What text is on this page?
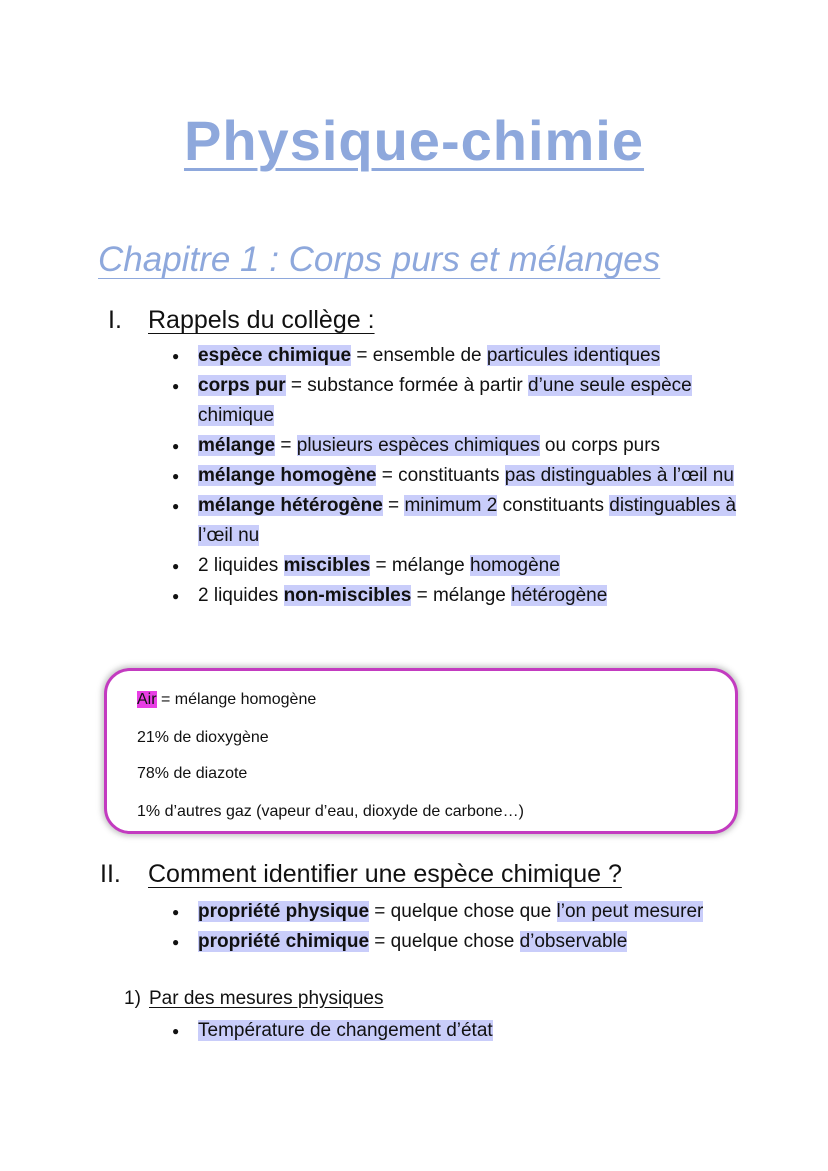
Physique-chimie
Chapitre 1 : Corps purs et mélanges
I. Rappels du collège :
● espèce chimique = ensemble de particules identiques
● corps pur = substance formée à partir d’une seule espèce chimique
● mélange = plusieurs espèces chimiques ou corps purs
● mélange homogène = constituants pas distinguables à l’œil nu
● mélange hétérogène = minimum 2 constituants distinguables à l’œil nu
● 2 liquides miscibles = mélange homogène
● 2 liquides non-miscibles = mélange hétérogène
Air = mélange homogène
21% de dioxygène
78% de diazote
1% d’autres gaz (vapeur d’eau, dioxyde de carbone…)
II. Comment identifier une espèce chimique ?
● propriété physique = quelque chose que l’on peut mesurer
● propriété chimique = quelque chose d’observable
1) Par des mesures physiques
● Température de changement d’état
